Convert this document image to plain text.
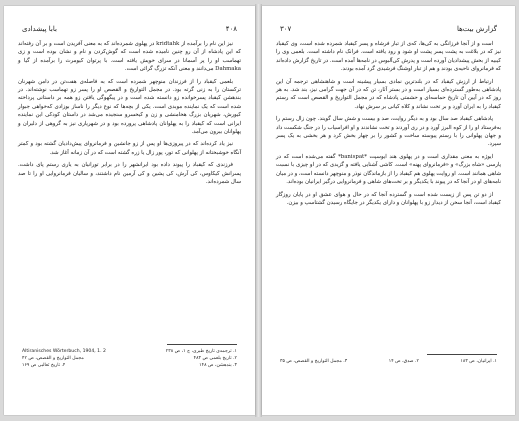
بابا پیشدادی	۴۰۸

نیز این نام را برآمده از kridtahk در پهلوی شمرده‌اند که به معنی آفریدن است و بر آن رفته‌اند که این پادشاه از آن رو چنین نامیده شده است که گوش‌کردن و نام و نشان بوده است و زی تهماسب او را پر آسمانا در سرای خویش یافته است. با پرتوان کیومرث را برآمده از گیا و Dahmaka می‌دانند و معنی آنکه تزرگ گرائی است.

بلعمی کیقباد را از فرزندان منوچهر شمرده است که به فاصله‌ی هفت‌تن در دامن شهرنان ترکستان را به زنی گرته بود. در مجمل التواریخ و القصص او را پسر زو تهماسب نوشته‌اند. در بندهشن کیقباد پسرخوانده زو دانسته شده است و در پیگهوگی یافتن زو همه بر داستانی پرداخته شده است که یک نماینده موبدی است. یکی از بچه‌ها که نوع دیگر را ناساز بوزادی که‌خواهی جبوار کیورش، شهریان بزرگ هخامنشی و زن و کیخسرو سنجیده می‌شد در داستان کودکی این نماینده ایرانی است که کیقباد را به پهلوانان پادشاهی پرورده بود و در شهریاری نیز به گروهی از دلیران و پهلوانان بیرون می‌آمد.

نیز یاد کرده‌اند که در پیروزی‌ها او پس از زو جانشین و فرمانروای پیش‌دادیان گشته بود و کمتر آنگاه خوشبختانه از پهلوانی که تور، پور زال یا زره گشته است که در آن زمانه آغاز شد.

فرزندی که کیقباد را پیوند داده بود ایرانشهر را در برابر تورانیان به یاری رستم پای داشت. پسرانش کیکاوس، کی آرش، کی پشین و کی آرمین نام داشتند، و سالیان فرمانروایی او را تا صد سال شمرده‌اند.

Altiranisches Wörterbuch, 1904, 1. 2	۱. ترجمه‌ی تاریخ طبری، ج ۱، ص ۲۳۸
مجمل التواریخ و القصص، ص ۴۲	۲. تاریخ بلعمی ص ۴۸۳
۴. تاریخ ثعالبی ص ۱۶۹	۳. بندهشن، ص ۱۴۸
۳۰۷	گزارش بیت‌ها

است و از آنجا فرزانگی به کی‌ها، که‌ی از تبار فرشاه و پسر کیقباد شمرده شده است، وی کیقباد نیز که در بلاغت به پشت پسر پشت او شود و رود یافته است. فرانک نام داشته است. بلعمی وی را کیبیه از بخش پیشدادیان آورده است و پدرش کی‌آلبوس در نامه‌ها آمده است. در تاریخ گزارش داده‌اند که فرمانروای ناحیه‌ی بودند و هم از تبار اوشنگ فرشیدی گرد آمده بودند.

ارتباط از ارزش کیقباد که در بلندترین نمادی بسیار پیشینه است و شاهنشاهی ترجمه آن این پادشاهی به‌طور گسترده‌ای بسیار است و در بستر آثار، تن که در آن جهت گرامی نیز، بند شد. به هر روز که در آیین آن تاریخ حماسه‌ای و حشمتی پادشاه که در مجمل التواریخ و القصص است که رستم کیقباد را به ایران آورد و بر تخت نشاند و کلاه کیانی بر سرش نهاد.

پادشاهی کیقباد صد سال بود و به دیگر روایت، صد و بیست و شش سال گویند. چون زال رستم را به‌فرستاد او را از کوه البرز آورد و در ری آوردند و تخت نشاندند و او افراسیاب را در جنگ شکست داد و جهان پهلوانی را با رستم پیوسته ساخت و کشور را بر چهار بخش کرد و هر بخشی به یک پسر سپرد.

ایوژه به معنی مقداری است و در پهلوی هند ایوسپت *banispat* گفته می‌شده است که در پارسی «شاه بزرگ» و «فرمانروای پهنه» است. کاشی آشنایی یافته و گزیدی که در او چیزی با نسبت شاهی همانند است. او روایت پهلوی هم کیقباد را از بازماندگان نوذر و منوچهر دانسته است، و در میان نامه‌های او در آنجا که در پیوند با یکدیگر و بر تخت‌های شاهی و فرمانروایی درگیر ایرانیان بوده‌اند.

از دو تن پس از زیست شده است و گسترده آنجا که در حال و هوای عشق او در پایان روزگار کیقباد است، آنجا سخن از دیدار زو با پهلوانان و دارای یکدیگر در جایگاه رسیدن گشتاسپ و بیزن.

۱. ایرانیان، ص ۱۸۳
۲. صدق، ص ۱۴
۳. مجمل التواریخ و القصص، ص ۳۵
